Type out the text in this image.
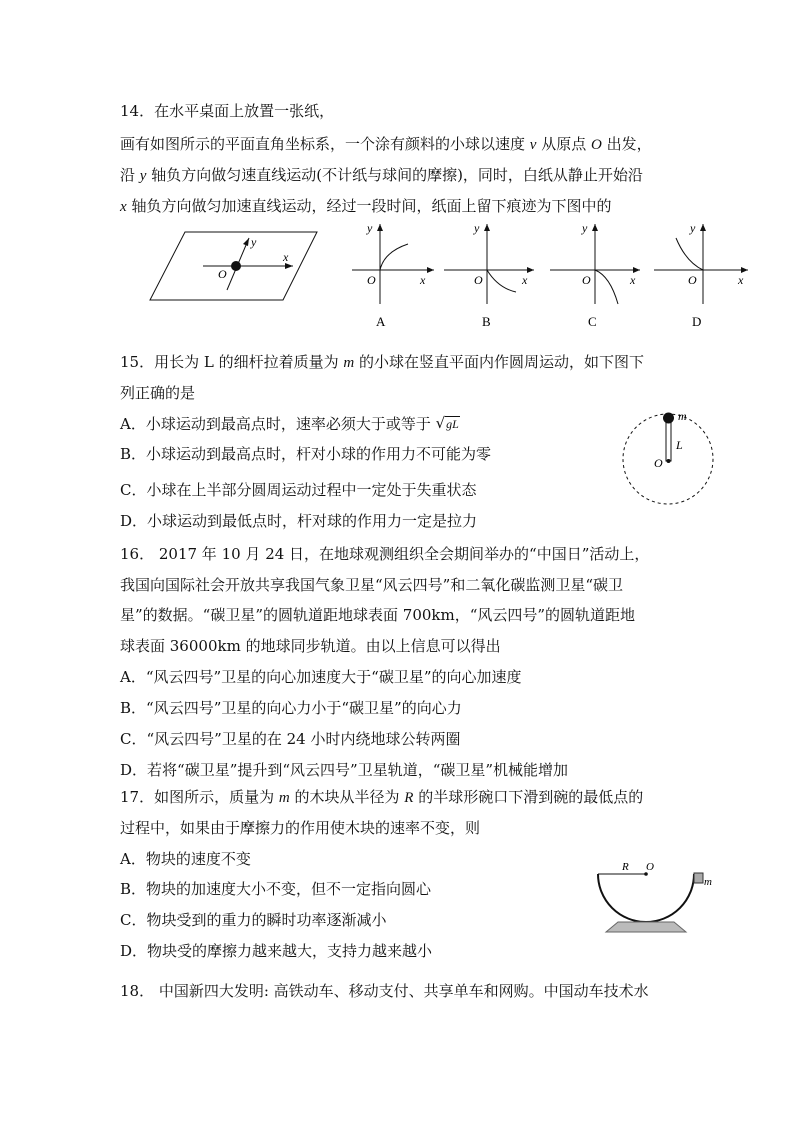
14．在水平桌面上放置一张纸，
画有如图所示的平面直角坐标系，一个涂有颜料的小球以速度 v 从原点 O 出发，
沿 y 轴负方向做匀速直线运动(不计纸与球间的摩擦)，同时，白纸从静止开始沿
x 轴负方向做匀加速直线运动，经过一段时间，纸面上留下痕迹为下图中的
y
x
O
y
x
O
A
y
x
O
B
y
x
O
C
y
x
O
D
15．用长为 L 的细杆拉着质量为 m 的小球在竖直平面内作圆周运动，如下图下
列正确的是
A．小球运动到最高点时，速率必须大于或等于 √gL
B．小球运动到最高点时，杆对小球的作用力不可能为零
C．小球在上半部分圆周运动过程中一定处于失重状态
D．小球运动到最低点时，杆对球的作用力一定是拉力
m
L
O
16． 2017 年 10 月 24 日，在地球观测组织全会期间举办的“中国日”活动上，
我国向国际社会开放共享我国气象卫星“风云四号”和二氧化碳监测卫星“碳卫
星”的数据。“碳卫星”的圆轨道距地球表面 700km，“风云四号”的圆轨道距地
球表面 36000km 的地球同步轨道。由以上信息可以得出
A．“风云四号”卫星的向心加速度大于“碳卫星”的向心加速度
B．“风云四号”卫星的向心力小于“碳卫星”的向心力
C．“风云四号”卫星的在 24 小时内绕地球公转两圈
D．若将“碳卫星”提升到“风云四号”卫星轨道，“碳卫星”机械能增加
17．如图所示，质量为 m 的木块从半径为 R 的半球形碗口下滑到碗的最低点的
过程中，如果由于摩擦力的作用使木块的速率不变，则
A．物块的速度不变
B．物块的加速度大小不变，但不一定指向圆心
C．物块受到的重力的瞬时功率逐渐减小
D．物块受的摩擦力越来越大，支持力越来越小
R O
m
18． 中国新四大发明: 高铁动车、移动支付、共享单车和网购。中国动车技术水
